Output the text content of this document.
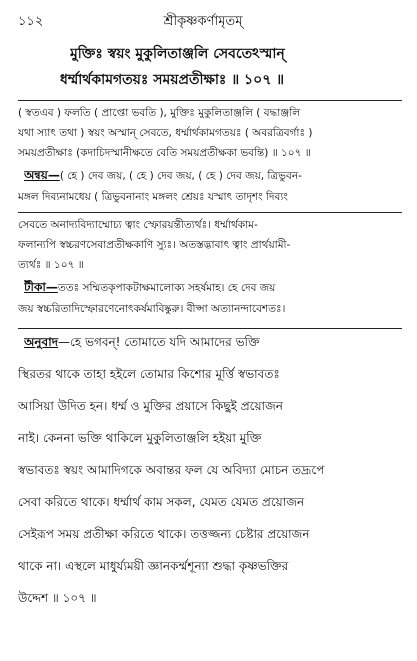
১১২	শ্রীকৃষ্ণকর্ণামৃতম্
মুক্তিঃ স্বয়ং মুকুলিতাঞ্জলি সেবতেঽস্মান্
ধর্ম্মার্থকামগতয়ঃ সময়প্রতীক্ষাঃ ॥ ১০৭ ॥
( স্বতএব ) ফলতি ( প্রাপ্তো ভবতি ), মুক্তিঃ মুকুলিতাঞ্জলি ( বদ্ধাঞ্জলি
যথা স্যাৎ তথা ) স্বয়ং অস্মান্ সেবতে, ধর্ম্মার্থকামগতয়ঃ ( অবরত্রিবর্গাঃ )
সময়প্রতীক্ষাঃ (কদাচিদস্মানীক্ষতে বেতি সময়প্রতীক্ষকা ভবন্তি) ॥ ১০৭ ॥
অন্বয়—( হে ) দেব জয়, ( হে ) দেব জয়, ( হে ) দেব জয়, ত্রিভুবন-
মঙ্গল দিব্যনামধেয় ( ত্রিভুবনানাং মঙ্গলং শ্রেয়ঃ যস্মাৎ তাদৃশং দিব্যং
সেবতে অনাদ্যবিদ্যাম্মোচ্য ত্বাং স্ফোরয়ন্তীত্যর্থঃ। ধর্ম্মার্থকাম-
ফলান্যপি স্বচ্চরণসেবাপ্রতীক্ষকাণি স্যুঃ। অতস্তদ্ভাবাৎ ত্বাং প্রার্থয়ামী-
ত্যর্থঃ ॥ ১০৭ ॥
টীকা—ততঃ সম্মিতকৃপাকটাক্ষমালোক্য সহর্ষমাহ। হে দেব জয়
জয় স্বচ্চরিতাদিস্ফোরণেনোৎকর্ষমাবিষ্কুরু। বীপ্সা অত্যানন্দাবেশতঃ।
অনুবাদ—হে ভগবন্! তোমাতে যদি আমাদের ভক্তি
স্থিরতর থাকে তাহা হইলে তোমার কিশোর মূর্ত্তি স্বভাবতঃ
আসিয়া উদিত হন। ধর্ম্ম ও মুক্তির প্রয়াসে কিছুই প্রয়োজন
নাই। কেননা ভক্তি থাকিলে মুকুলিতাঞ্জলি হইয়া মুক্তি
স্বভাবতঃ স্বয়ং আমাদিগকে অবান্তর ফল যে অবিদ্যা মোচন তদ্রূপে
সেবা করিতে থাকে। ধর্ম্মার্থ কাম সকল, যেমত যেমত প্রয়োজন
সেইরূপ সময় প্রতীক্ষা করিতে থাকে। তত্তজ্জন্য চেষ্টার প্রয়োজন
থাকে না। এস্থলে মাধুর্য্যময়ী জ্ঞানকর্ম্মশূন্যা শুদ্ধা কৃষ্ণভক্তির
উদ্দেশ ॥ ১০৭ ॥
